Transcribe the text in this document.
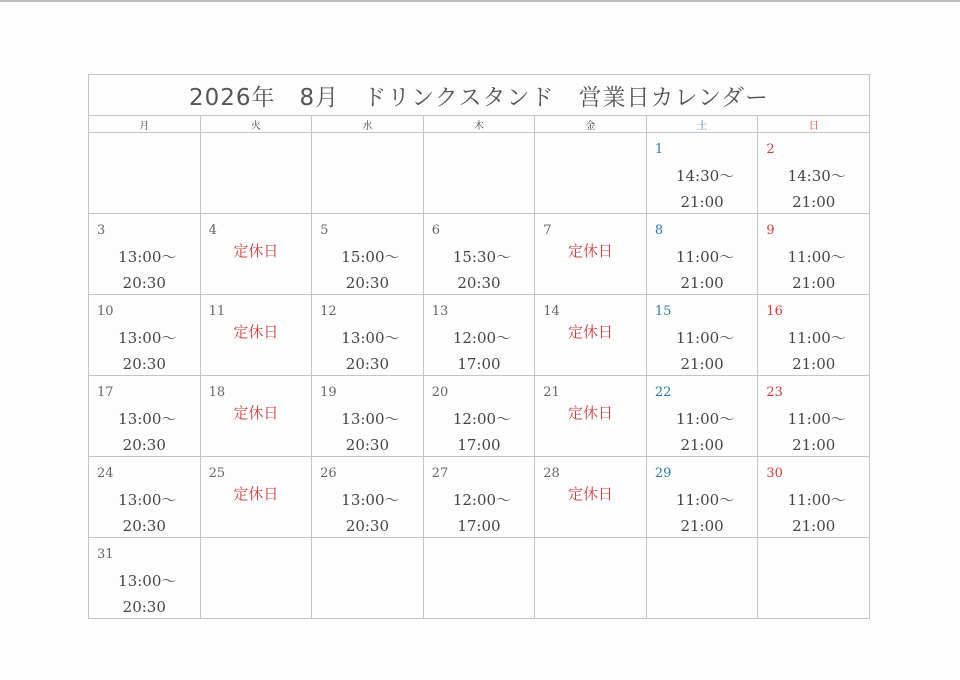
2026年　8月　ドリンクスタンド　営業日カレンダー						
月	火	水	木	金	土	日

					1
14:30〜
21:00	2
14:30〜
21:00

3
13:00〜
20:30	4
定休日	5
15:00〜
20:30	6
15:30〜
20:30	7
定休日	8
11:00〜
21:00	9
11:00〜
21:00

10
13:00〜
20:30	11
定休日	12
13:00〜
20:30	13
12:00〜
17:00	14
定休日	15
11:00〜
21:00	16
11:00〜
21:00

17
13:00〜
20:30	18
定休日	19
13:00〜
20:30	20
12:00〜
17:00	21
定休日	22
11:00〜
21:00	23
11:00〜
21:00

24
13:00〜
20:30	25
定休日	26
13:00〜
20:30	27
12:00〜
17:00	28
定休日	29
11:00〜
21:00	30
11:00〜
21:00

31
13:00〜
20:30						
